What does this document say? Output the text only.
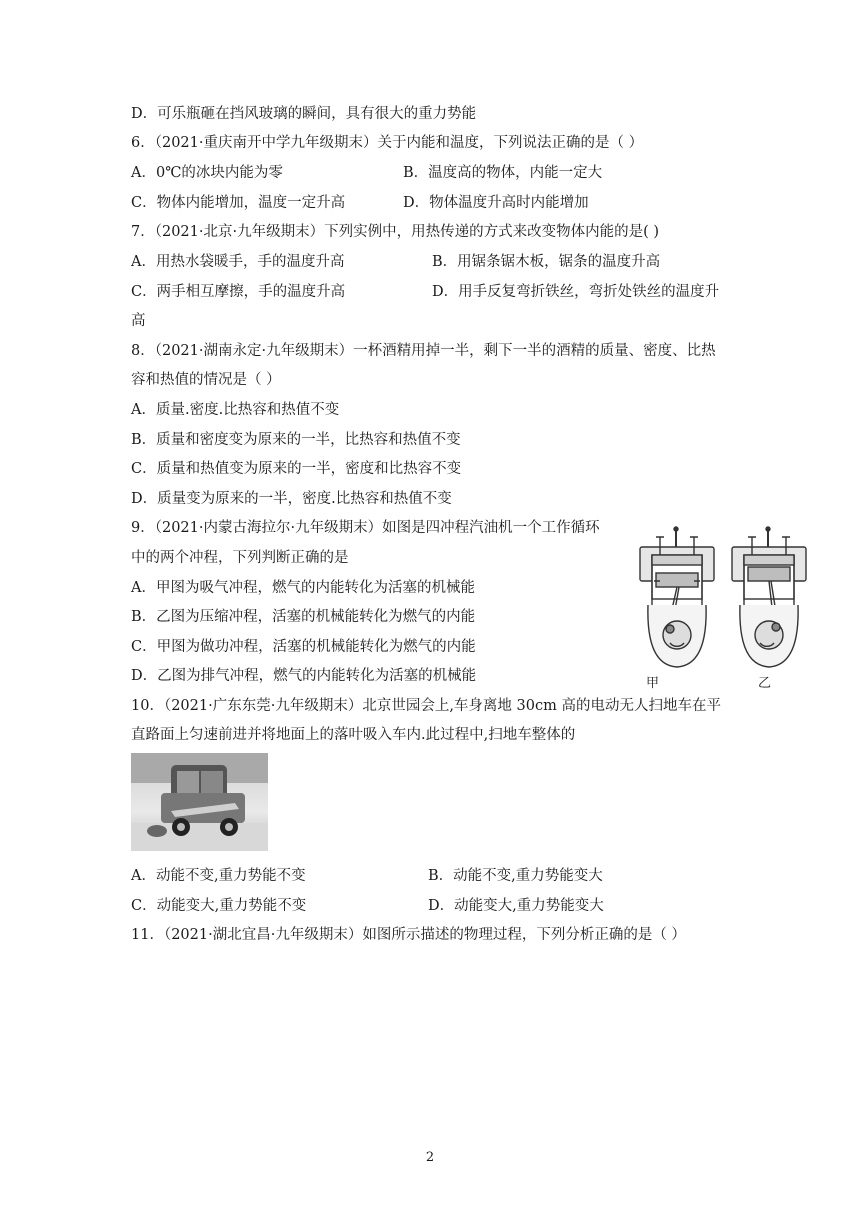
D．可乐瓶砸在挡风玻璃的瞬间，具有很大的重力势能
6．（2021·重庆南开中学九年级期末）关于内能和温度，下列说法正确的是（ ）
A．0℃的冰块内能为零	B．温度高的物体，内能一定大
C．物体内能增加，温度一定升高	D．物体温度升高时内能增加
7．（2021·北京·九年级期末）下列实例中，用热传递的方式来改变物体内能的是( )
A．用热水袋暖手，手的温度升高	B．用锯条锯木板，锯条的温度升高
C．两手相互摩擦，手的温度升高	D．用手反复弯折铁丝，弯折处铁丝的温度升
高
8．（2021·湖南永定·九年级期末）一杯酒精用掉一半，剩下一半的酒精的质量、密度、比热
容和热值的情况是（ ）
A．质量.密度.比热容和热值不变
B．质量和密度变为原来的一半，比热容和热值不变
C．质量和热值变为原来的一半，密度和比热容不变
D．质量变为原来的一半，密度.比热容和热值不变
9．（2021·内蒙古海拉尔·九年级期末）如图是四冲程汽油机一个工作循环
中的两个冲程，下列判断正确的是
A．甲图为吸气冲程，燃气的内能转化为活塞的机械能
B．乙图为压缩冲程，活塞的机械能转化为燃气的内能
C．甲图为做功冲程，活塞的机械能转化为燃气的内能
D．乙图为排气冲程，燃气的内能转化为活塞的机械能	甲	乙
10．（2021·广东东莞·九年级期末）北京世园会上,车身离地 30cm 高的电动无人扫地车在平
直路面上匀速前进并将地面上的落叶吸入车内.此过程中,扫地车整体的
A．动能不变,重力势能不变	B．动能不变,重力势能变大
C．动能变大,重力势能不变	D．动能变大,重力势能变大
11．（2021·湖北宜昌·九年级期末）如图所示描述的物理过程，下列分析正确的是（ ）
2
